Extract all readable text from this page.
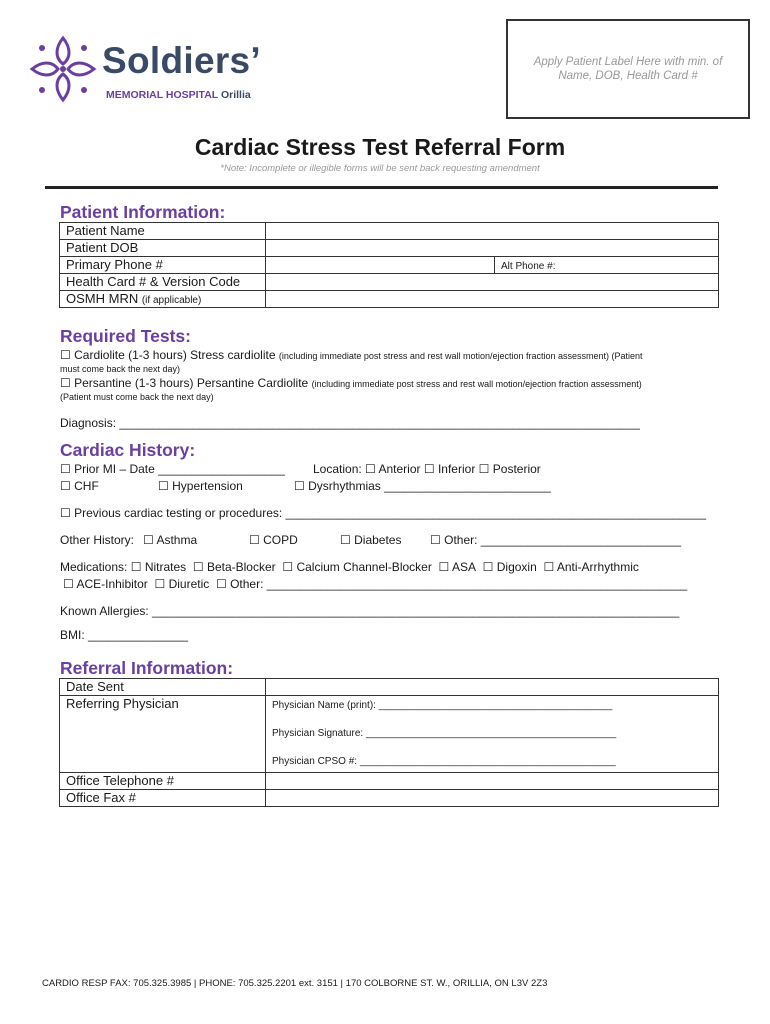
Soldiers’
MEMORIAL HOSPITAL Orillia
Apply Patient Label Here with min. of
Name, DOB, Health Card #
Cardiac Stress Test Referral Form
*Note: Incomplete or illegible forms will be sent back requesting amendment
Patient Information:
Patient Name		
Patient DOB		
Primary Phone #		Alt Phone #:
Health Card # & Version Code		
OSMH MRN (if applicable)		
Required Tests:
☐ Cardiolite (1-3 hours) Stress cardiolite (including immediate post stress and rest wall motion/ejection fraction assessment) (Patient
must come back the next day)
☐ Persantine (1-3 hours) Persantine Cardiolite (including immediate post stress and rest wall motion/ejection fraction assessment)
(Patient must come back the next day)
Diagnosis: ______________________________________________________________________________
Cardiac History:
☐ Prior MI – Date ___________________ Location: ☐ Anterior ☐ Inferior ☐ Posterior
☐ CHF	☐ Hypertension	☐ Dysrhythmias _________________________
☐ Previous cardiac testing or procedures: _______________________________________________________________
Other History: ☐ Asthma	☐ COPD	☐ Diabetes ☐ Other: ______________________________
Medications: ☐ Nitrates ☐ Beta-Blocker ☐ Calcium Channel-Blocker ☐ ASA ☐ Digoxin ☐ Anti-Arrhythmic
☐ ACE-Inhibitor ☐ Diuretic ☐ Other: _______________________________________________________________
Known Allergies: _______________________________________________________________________________
BMI: _______________
Referral Information:
Date Sent	
Referring Physician	Physician Name (print): __________________________________________
Physician Signature: _____________________________________________
Physician CPSO #: ______________________________________________

Office Telephone #	
Office Fax #	
CARDIO RESP FAX: 705.325.3985 | PHONE: 705.325.2201 ext. 3151 | 170 COLBORNE ST. W., ORILLIA, ON L3V 2Z3
